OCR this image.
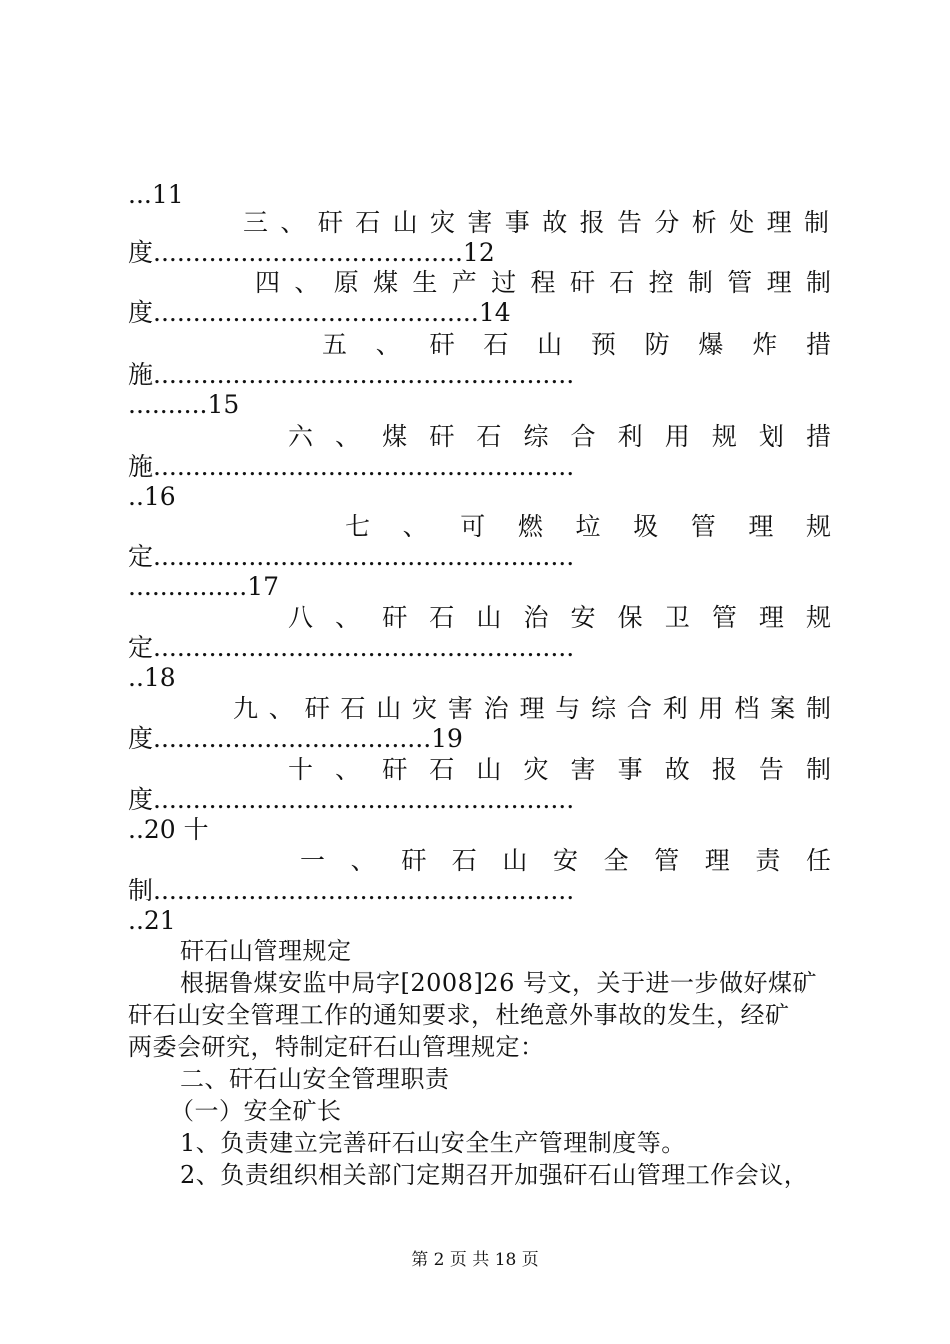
...11

三 、 矸 石 山 灾 害 事 故 报 告 分 析 处 理 制

度.......................................12

四 、 原 煤 生 产 过 程 矸 石 控 制 管 理 制

度.........................................14

五 、 矸 石 山 预 防 爆 炸 措

施.....................................................

..........15

六 、 煤 矸 石 综 合 利 用 规 划 措

施.....................................................

..16

七 、 可 燃 垃 圾 管 理 规

定.....................................................

...............17

八 、 矸 石 山 治 安 保 卫 管 理 规

定.....................................................

..18

九 、 矸 石 山 灾 害 治 理 与 综 合 利 用 档 案 制

度...................................19

十 、 矸 石 山 灾 害 事 故 报 告 制

度.....................................................

..20 十

一 、 矸 石 山 安 全 管 理 责 任

制.....................................................

..21

矸石山管理规定

根据鲁煤安监中局字[2008]26 号文，关于进一步做好煤矿

矸石山安全管理工作的通知要求，杜绝意外事故的发生，经矿

两委会研究，特制定矸石山管理规定：

二、矸石山安全管理职责

（一）安全矿长

1、负责建立完善矸石山安全生产管理制度等。

2、负责组织相关部门定期召开加强矸石山管理工作会议，

第 2 页 共 18 页
